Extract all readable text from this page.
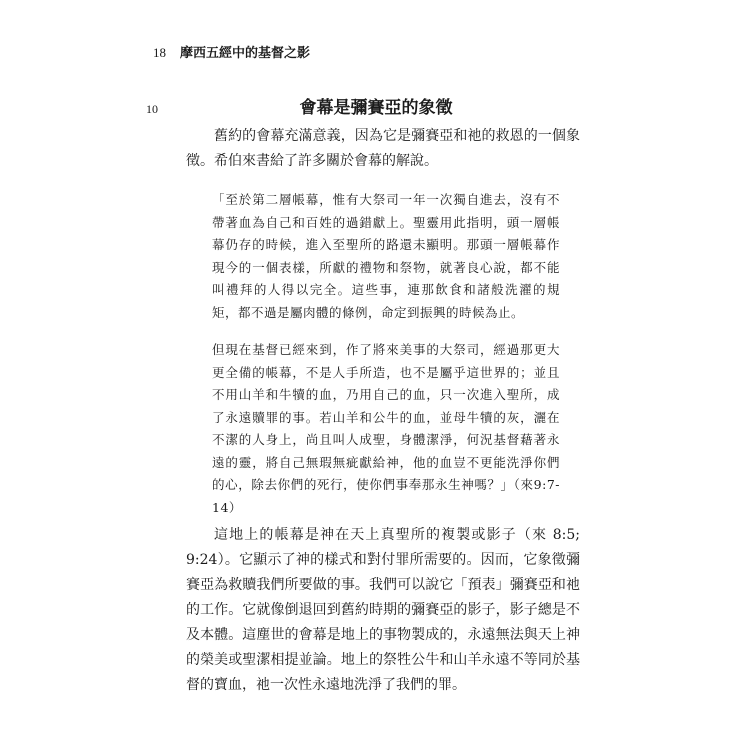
18 摩西五經中的基督之影
10	會幕是彌賽亞的象徵
舊約的會幕充滿意義，因為它是彌賽亞和祂的救恩的一個象徵。希伯來書給了許多關於會幕的解說。
「至於第二層帳幕，惟有大祭司一年一次獨自進去，沒有不帶著血為自己和百姓的過錯獻上。聖靈用此指明，頭一層帳幕仍存的時候，進入至聖所的路還未顯明。那頭一層帳幕作現今的一個表樣，所獻的禮物和祭物，就著良心說，都不能叫禮拜的人得以完全。這些事，連那飲食和諸般洗濯的規矩，都不過是屬肉體的條例，命定到振興的時候為止。
但現在基督已經來到，作了將來美事的大祭司，經過那更大更全備的帳幕，不是人手所造，也不是屬乎這世界的；並且不用山羊和牛犢的血，乃用自己的血，只一次進入聖所，成了永遠贖罪的事。若山羊和公牛的血，並母牛犢的灰，灑在不潔的人身上，尚且叫人成聖，身體潔淨，何況基督藉著永遠的靈，將自己無瑕無疵獻給神，他的血豈不更能洗淨你們的心，除去你們的死行，使你們事奉那永生神嗎？」（來9:7-14）
這地上的帳幕是神在天上真聖所的複製或影子（來 8:5; 9:24）。它顯示了神的樣式和對付罪所需要的。因而，它象徵彌賽亞為救贖我們所要做的事。我們可以說它「預表」彌賽亞和祂的工作。它就像倒退回到舊約時期的彌賽亞的影子，影子總是不及本體。這塵世的會幕是地上的事物製成的，永遠無法與天上神的榮美或聖潔相提並論。地上的祭牲公牛和山羊永遠不等同於基督的寶血，祂一次性永遠地洗淨了我們的罪。
